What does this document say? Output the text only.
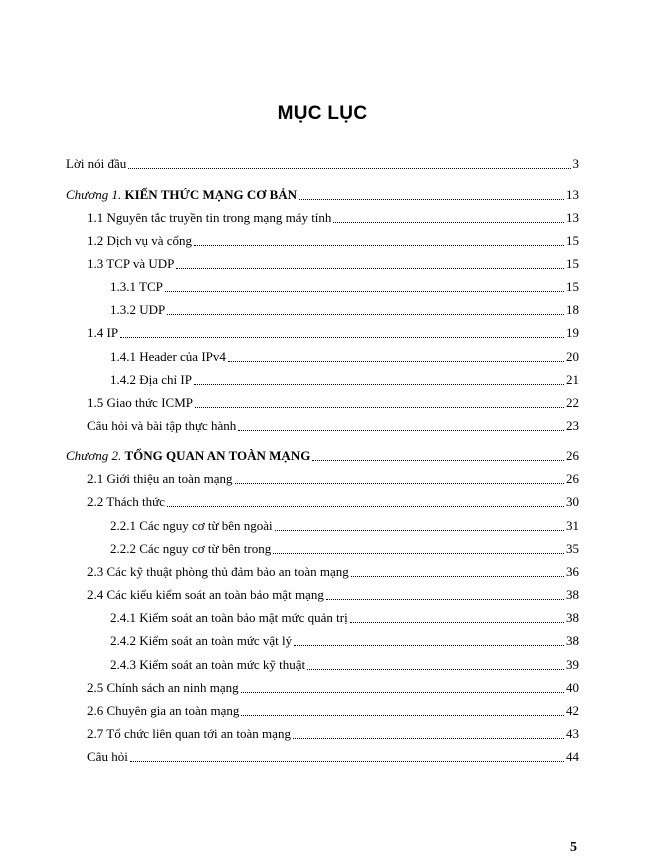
MỤC LỤC
Lời nói đầu	3
Chương 1. KIẾN THỨC MẠNG CƠ BẢN	13
1.1 Nguyên tắc truyền tin trong mạng máy tính	13
1.2 Dịch vụ và cổng	15
1.3 TCP và UDP	15
1.3.1 TCP	15
1.3.2 UDP	18
1.4 IP	19
1.4.1 Header của IPv4	20
1.4.2 Địa chỉ IP	21
1.5 Giao thức ICMP	22
Câu hỏi và bài tập thực hành	23
Chương 2. TỔNG QUAN AN TOÀN MẠNG	26
2.1 Giới thiệu an toàn mạng	26
2.2 Thách thức	30
2.2.1 Các nguy cơ từ bên ngoài	31
2.2.2 Các nguy cơ từ bên trong	35
2.3 Các kỹ thuật phòng thủ đảm bảo an toàn mạng	36
2.4 Các kiểu kiểm soát an toàn bảo mật mạng	38
2.4.1 Kiểm soát an toàn bảo mật mức quản trị	38
2.4.2 Kiểm soát an toàn mức vật lý	38
2.4.3 Kiểm soát an toàn mức kỹ thuật	39
2.5 Chính sách an ninh mạng	40
2.6 Chuyên gia an toàn mạng	42
2.7 Tổ chức liên quan tới an toàn mạng	43
Câu hỏi	44
5
